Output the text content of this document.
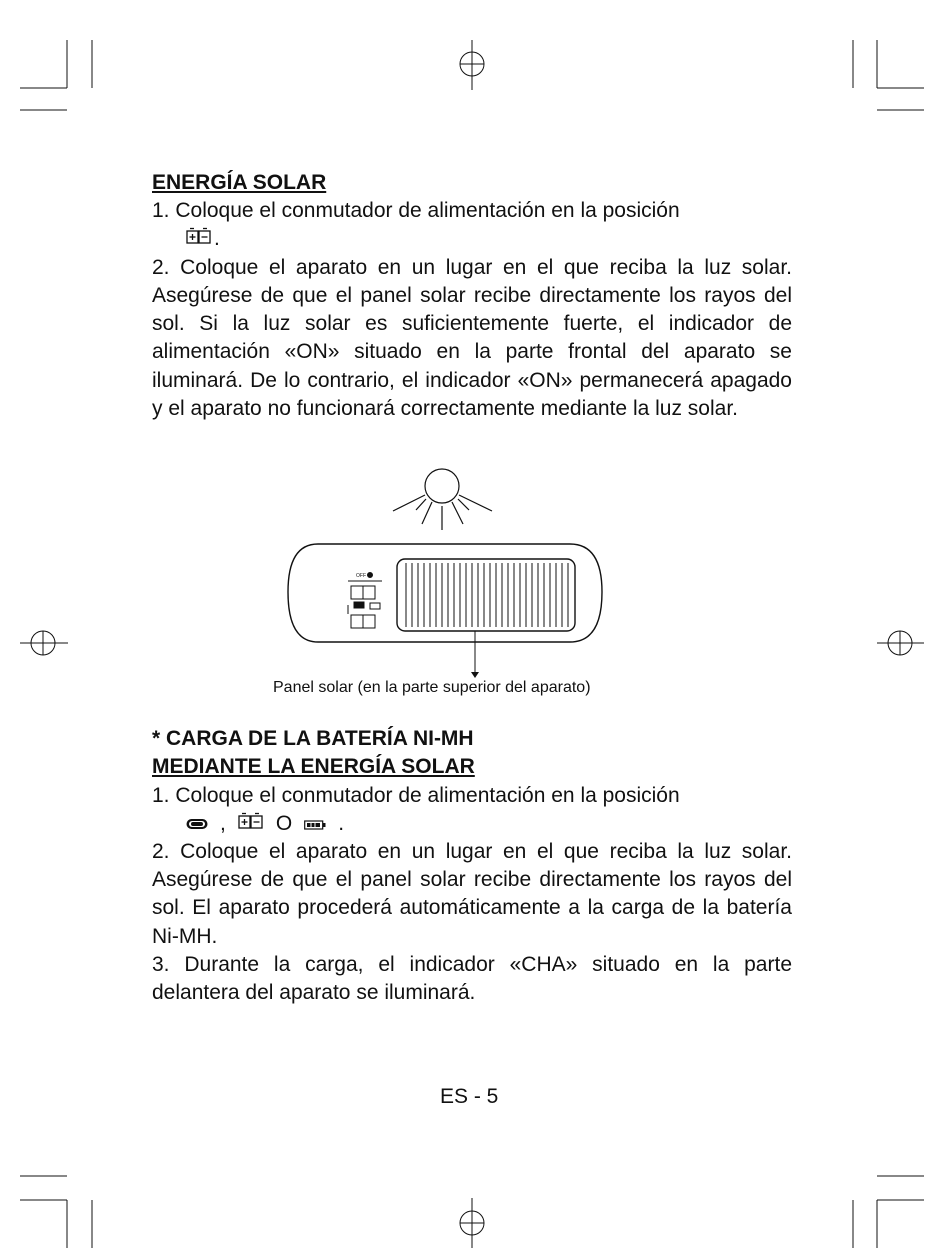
ENERGÍA SOLAR

1. Coloque el conmutador de alimentación en la posición

.

2. Coloque el aparato en un lugar en el que reciba la luz solar. Asegúrese de que el panel solar recibe directamente los rayos del sol. Si la luz solar es suficientemente fuerte, el indicador de alimentación «ON» situado en la parte frontal del aparato se iluminará. De lo contrario, el indicador «ON» permanecerá apagado y el aparato no funcionará correctamente mediante la luz solar.

OFF
Panel solar (en la parte superior del aparato)

* CARGA DE LA BATERÍA NI-MH

MEDIANTE LA ENERGÍA SOLAR

1. Coloque el conmutador de alimentación en la posición

, O .

2. Coloque el aparato en un lugar en el que reciba la luz solar. Asegúrese de que el panel solar recibe directamente los rayos del sol. El aparato procederá automáticamente a la carga de la batería Ni-MH.

3. Durante la carga, el indicador «CHA» situado en la parte delantera del aparato se iluminará.

ES - 5
